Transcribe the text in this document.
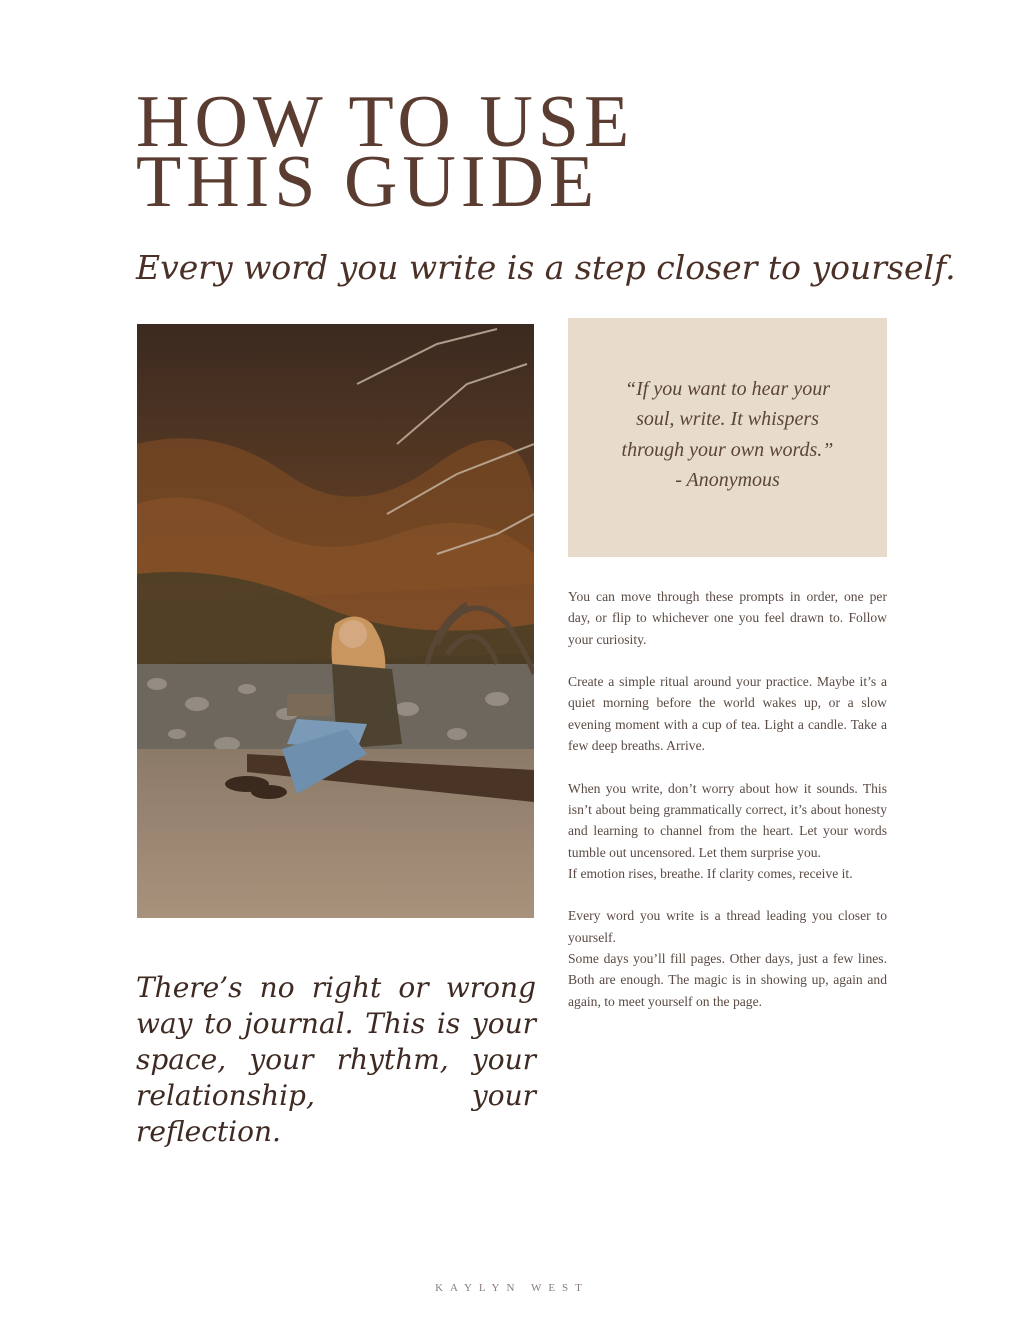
HOW TO USE
THIS GUIDE
Every word you write is a step closer to yourself.
“If you want to hear your soul, write. It whispers through your own words.”
- Anonymous

You can move through these prompts in order, one per day, or flip to whichever one you feel drawn to. Follow your curiosity.

Create a simple ritual around your practice. Maybe it’s a quiet morning before the world wakes up, or a slow evening moment with a cup of tea. Light a candle. Take a few deep breaths. Arrive.

When you write, don’t worry about how it sounds. This isn’t about being grammatically correct, it’s about honesty and learning to channel from the heart. Let your words tumble out uncensored. Let them surprise you.
If emotion rises, breathe. If clarity comes, receive it.

Every word you write is a thread leading you closer to yourself.
Some days you’ll fill pages. Other days, just a few lines. Both are enough. The magic is in showing up, again and again, to meet yourself on the page.

There’s no right or wrong way to journal. This is your space, your rhythm, your relationship, your reflection.
KAYLYN WEST
